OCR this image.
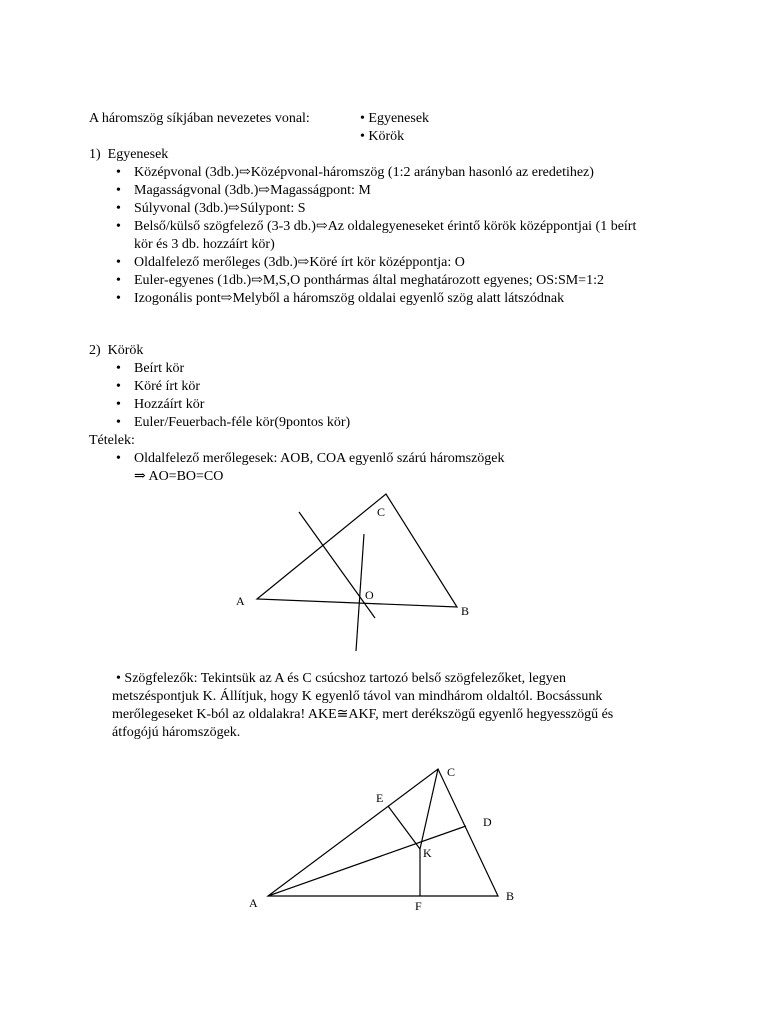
A háromszög síkjában nevezetes vonal:	• Egyenesek
• Körök
1)  Egyenesek
• Középvonal (3db.)⇨Középvonal-háromszög (1:2 arányban hasonló az eredetihez)
• Magasságvonal (3db.)⇨Magasságpont: M
• Súlyvonal (3db.)⇨Súlypont: S
• Belső/külső szögfelező (3-3 db.)⇨Az oldalegyeneseket érintő körök középpontjai (1 beírt
kör és 3 db. hozzáírt kör)
• Oldalfelező merőleges (3db.)⇨Köré írt kör középpontja: O
• Euler-egyenes (1db.)⇨M,S,O ponthármas által meghatározott egyenes; OS:SM=1:2
• Izogonális pont⇨Melyből a háromszög oldalai egyenlő szög alatt látszódnak
2)  Körök
• Beírt kör
• Köré írt kör
• Hozzáírt kör
• Euler/Feuerbach-féle kör(9pontos kör)
Tételek:
• Oldalfelező merőlegesek: AOB, COA egyenlő szárú háromszögek
⇒ AO=BO=CO
A
B
C
O
• Szögfelezők: Tekintsük az A és C csúcshoz tartozó belső szögfelezőket, legyen
metszéspontjuk K. Állítjuk, hogy K egyenlő távol van mindhárom oldaltól. Bocsássunk
merőlegeseket K-ból az oldalakra! AKE≅AKF, mert derékszögű egyenlő hegyesszögű és
átfogójú háromszögek.
A	B
C
D
E
F
K
